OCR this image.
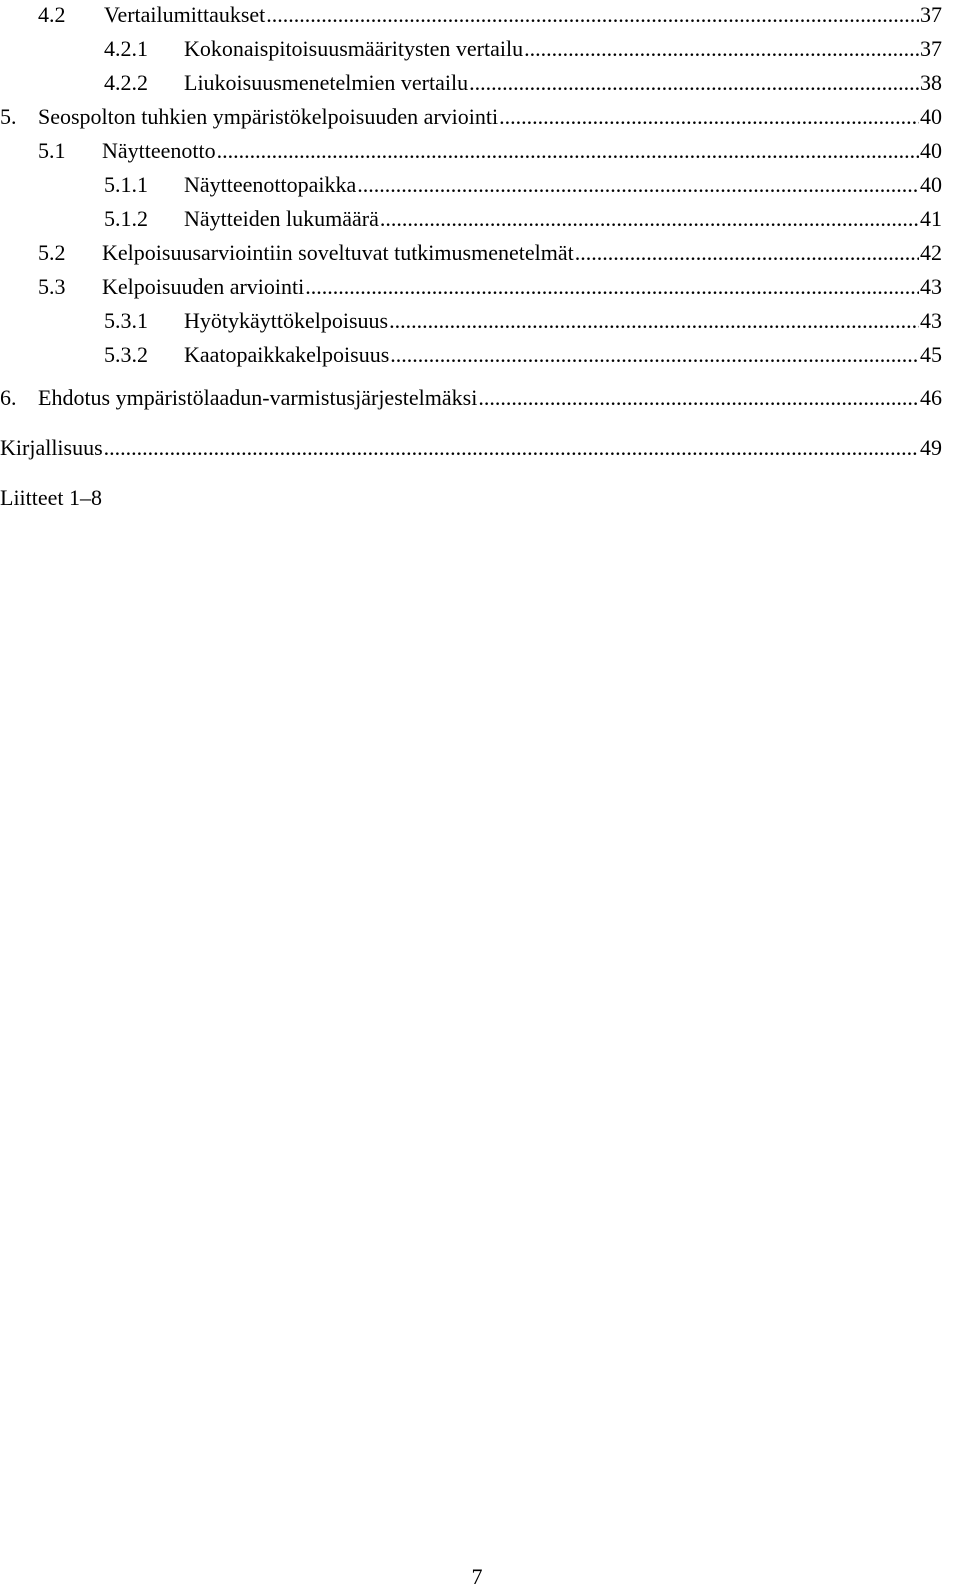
4.2	Vertailumittaukset .....	37
4.2.1	Kokonaispitoisuusmääritysten vertailu .....	37
4.2.2	Liukoisuusmenetelmien vertailu .....	38
5. Seospolton tuhkien ympäristökelpoisuuden arviointi .....	40
5.1	Näytteenotto .....	40
5.1.1	Näytteenottopaikka .....	40
5.1.2	Näytteiden lukumäärä .....	41
5.2	Kelpoisuusarviointiin soveltuvat tutkimusmenetelmät .....	42
5.3	Kelpoisuuden arviointi .....	43
5.3.1	Hyötykäyttökelpoisuus .....	43
5.3.2	Kaatopaikkakelpoisuus .....	45
6. Ehdotus ympäristölaadun-varmistusjärjestelmäksi .....	46
Kirjallisuus .....	49
Liitteet 1–8
7
